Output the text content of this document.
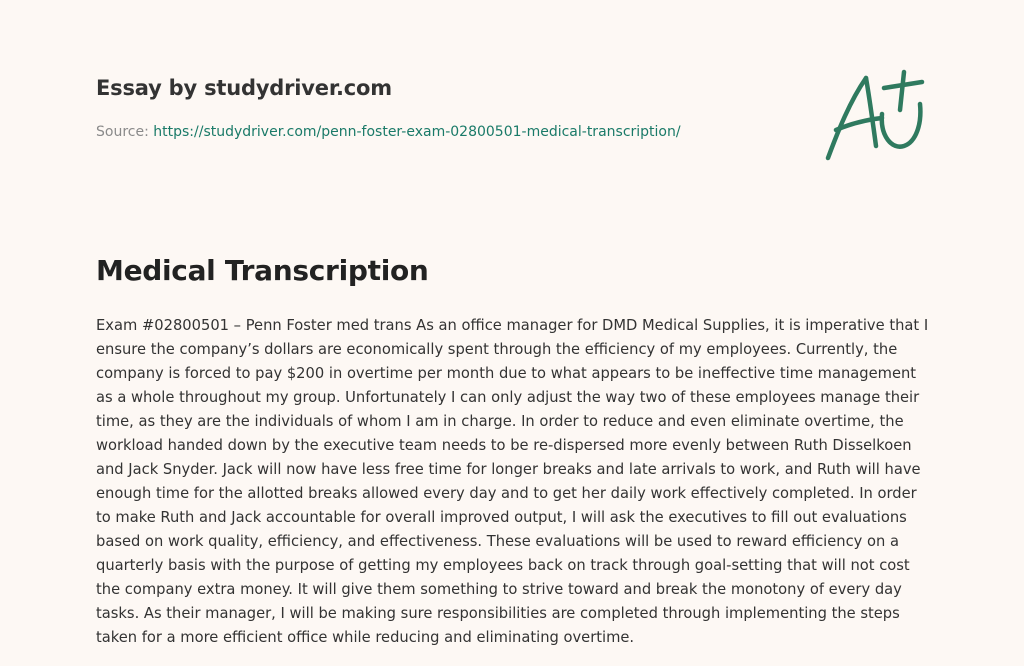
Essay by studydriver.com
Source: https://studydriver.com/penn-foster-exam-02800501-medical-transcription/
Medical Transcription

Exam #02800501 – Penn Foster med trans As an office manager for DMD Medical Supplies, it is imperative that I ensure the company’s dollars are economically spent through the efficiency of my employees. Currently, the company is forced to pay $200 in overtime per month due to what appears to be ineffective time management as a whole throughout my group. Unfortunately I can only adjust the way two of these employees manage their time, as they are the individuals of whom I am in charge. In order to reduce and even eliminate overtime, the workload handed down by the executive team needs to be re-dispersed more evenly between Ruth Disselkoen and Jack Snyder. Jack will now have less free time for longer breaks and late arrivals to work, and Ruth will have enough time for the allotted breaks allowed every day and to get her daily work effectively completed. In order to make Ruth and Jack accountable for overall improved output, I will ask the executives to fill out evaluations based on work quality, efficiency, and effectiveness. These evaluations will be used to reward efficiency on a quarterly basis with the purpose of getting my employees back on track through goal-setting that will not cost the company extra money. It will give them something to strive toward and break the monotony of every day tasks. As their manager, I will be making sure responsibilities are completed through implementing the steps taken for a more efficient office while reducing and eliminating overtime.
